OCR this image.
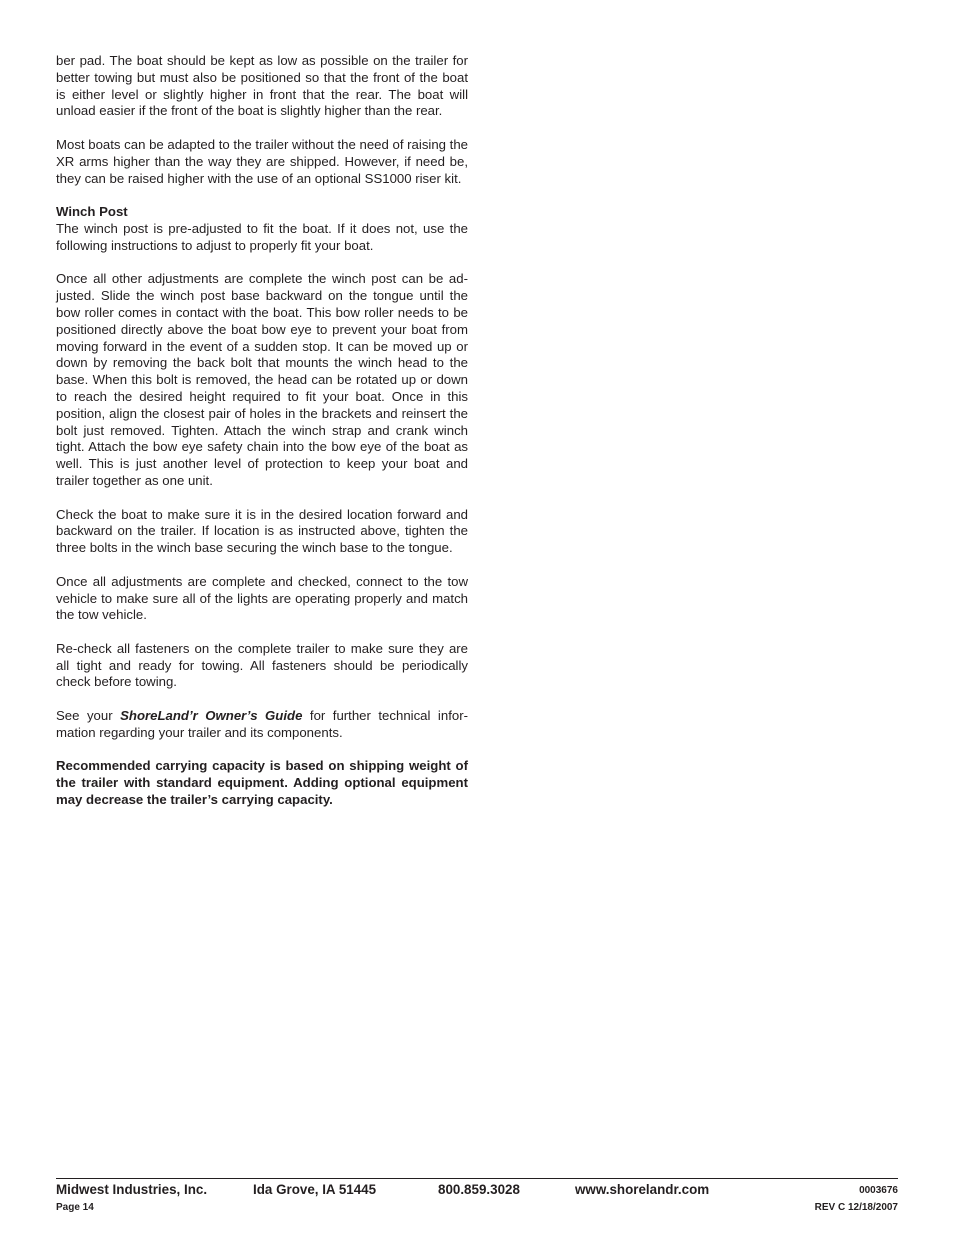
ber pad. The boat should be kept as low as possible on the trailer for better towing but must also be positioned so that the front of the boat is either level or slightly higher in front that the rear. The boat will unload easier if the front of the boat is slightly higher than the rear.

Most boats can be adapted to the trailer without the need of raising the XR arms higher than the way they are shipped. However, if need be, they can be raised higher with the use of an optional SS1000 riser kit.

Winch Post

The winch post is pre-adjusted to fit the boat. If it does not, use the following instructions to adjust to properly fit your boat.

Once all other adjustments are complete the winch post can be adjusted. Slide the winch post base backward on the tongue until the bow roller comes in contact with the boat. This bow roller needs to be positioned directly above the boat bow eye to prevent your boat from moving forward in the event of a sudden stop. It can be moved up or down by removing the back bolt that mounts the winch head to the base. When this bolt is removed, the head can be rotated up or down to reach the desired height required to fit your boat. Once in this position, align the closest pair of holes in the brackets and reinsert the bolt just removed. Tighten. Attach the winch strap and crank winch tight. Attach the bow eye safety chain into the bow eye of the boat as well. This is just another level of protection to keep your boat and trailer together as one unit.

Check the boat to make sure it is in the desired location forward and backward on the trailer. If location is as instructed above, tighten the three bolts in the winch base securing the winch base to the tongue.

Once all adjustments are complete and checked, connect to the tow vehicle to make sure all of the lights are operating properly and match the tow vehicle.

Re-check all fasteners on the complete trailer to make sure they are all tight and ready for towing. All fasteners should be periodically check before towing.

See your ShoreLand’r Owner’s Guide for further technical information regarding your trailer and its components.

Recommended carrying capacity is based on shipping weight of the trailer with standard equipment. Adding optional equipment may decrease the trailer’s carrying capacity.

Midwest Industries, Inc.	Ida Grove, IA 51445	800.859.3028	www.shorelandr.com	0003676
Page 14	REV C 12/18/2007
